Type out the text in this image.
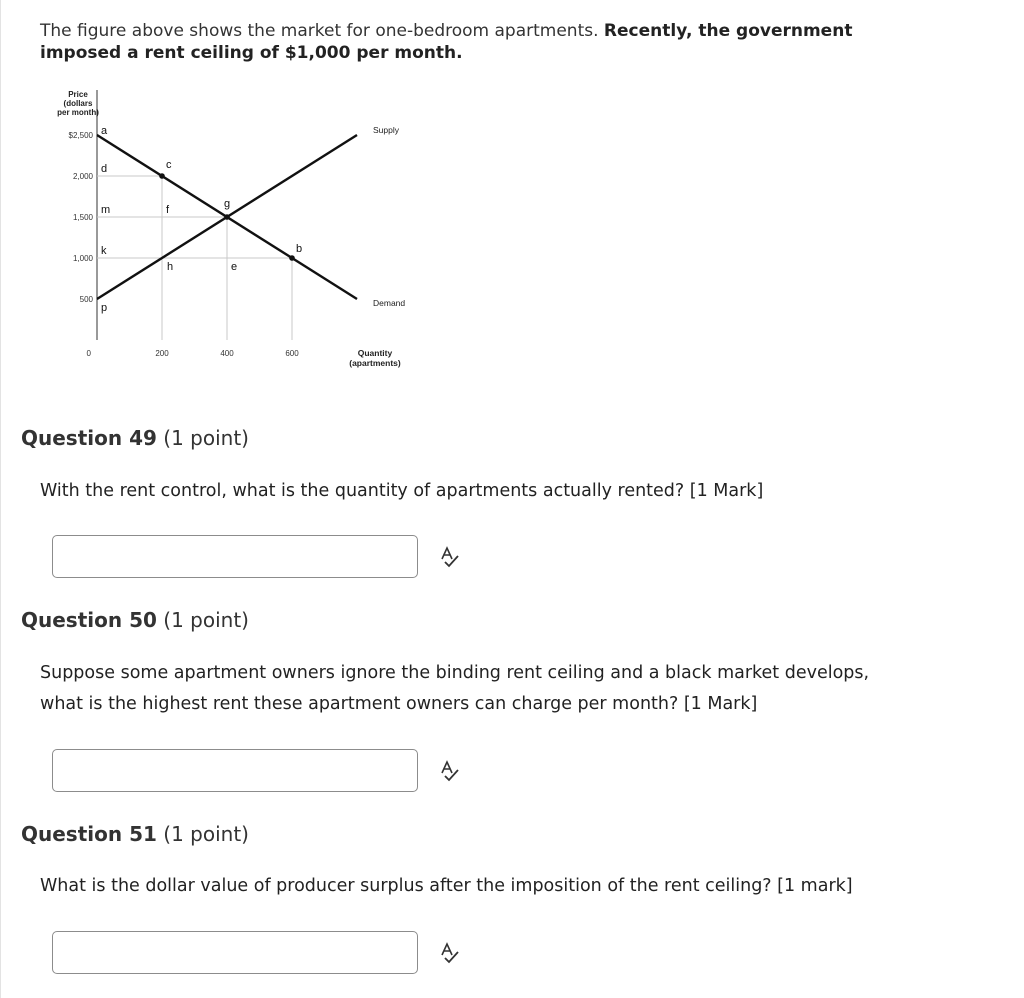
The figure above shows the market for one-bedroom apartments. Recently, the government imposed a rent ceiling of $1,000 per month.
Price
(dollars
per month)
$2,500
2,000
1,500
1,000
500
0	200	400	600	Quantity
(apartments)
Supply
Demand
a
d
m
k
p
c
f
h
g
e
b
Question 49 (1 point)
With the rent control, what is the quantity of apartments actually rented? [1 Mark]
Question 50 (1 point)
Suppose some apartment owners ignore the binding rent ceiling and a black market develops, what is the highest rent these apartment owners can charge per month? [1 Mark]
Question 51 (1 point)
What is the dollar value of producer surplus after the imposition of the rent ceiling? [1 mark]
